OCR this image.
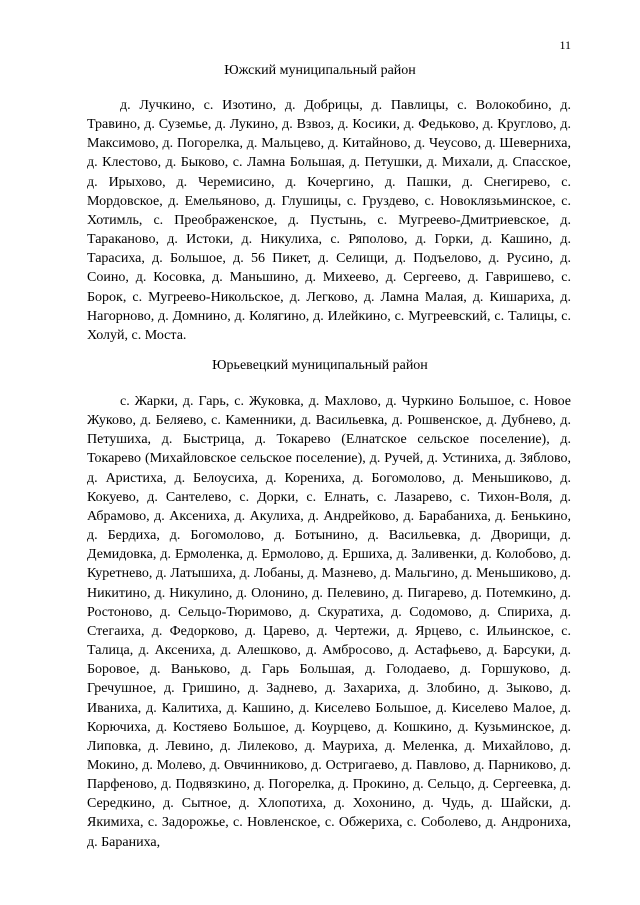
11
Южский муниципальный район

д. Лучкино, с. Изотино, д. Добрицы, д. Павлицы, с. Волокобино, д. Травино, д. Суземье, д. Лукино, д. Взвоз, д. Косики, д. Федьково, д. Круглово, д. Максимово, д. Погорелка, д. Мальцево, д. Китайново, д. Чеусово, д. Шеверниха, д. Клестово, д. Быково, с. Ламна Большая, д. Петушки, д. Михали, д. Спасское, д. Ирыхово, д. Черемисино, д. Кочергино, д. Пашки, д. Снегирево, с. Мордовское, д. Емельяново, д. Глушицы, с. Груздево, с. Новоклязьминское, с. Хотимль, с. Преображенское, д. Пустынь, с. Мугреево-Дмитриевское, д. Тараканово, д. Истоки, д. Никулиха, с. Ряполово, д. Горки, д. Кашино, д. Тарасиха, д. Большое, д. 56 Пикет, д. Селищи, д. Подъелово, д. Русино, д. Соино, д. Косовка, д. Маньшино, д. Михеево, д. Сергеево, д. Гавришево, с. Борок, с. Мугреево-Никольское, д. Легково, д. Ламна Малая, д. Кишариха, д. Нагорново, д. Домнино, д. Колягино, д. Илейкино, с. Мугреевский, с. Талицы, с. Холуй, с. Моста.

Юрьевецкий муниципальный район

с. Жарки, д. Гарь, с. Жуковка, д. Махлово, д. Чуркино Большое, с. Новое Жуково, д. Беляево, с. Каменники, д. Васильевка, д. Рошвенское, д. Дубнево, д. Петушиха, д. Быстрица, д. Токарево (Елнатское сельское поселение), д. Токарево (Михайловское сельское поселение), д. Ручей, д. Устиниха, д. Зяблово, д. Аристиха, д. Белоусиха, д. Корениха, д. Богомолово, д. Меньшиково, д. Кокуево, д. Сантелево, с. Дорки, с. Елнать, с. Лазарево, с. Тихон-Воля, д. Абрамово, д. Аксениха, д. Акулиха, д. Андрейково, д. Барабаниха, д. Бенькино, д. Бердиха, д. Богомолово, д. Ботынино, д. Васильевка, д. Дворищи, д. Демидовка, д. Ермоленка, д. Ермолово, д. Ершиха, д. Заливенки, д. Колобово, д. Куретнево, д. Латышиха, д. Лобаны, д. Мазнево, д. Мальгино, д. Меньшиково, д. Никитино, д. Никулино, д. Олонино, д. Пелевино, д. Пигарево, д. Потемкино, д. Ростоново, д. Сельцо-Тюримово, д. Скуратиха, д. Содомово, д. Спириха, д. Стегаиха, д. Федорково, д. Царево, д. Чертежи, д. Ярцево, с. Ильинское, с. Талица, д. Аксениха, д. Алешково, д. Амбросово, д. Астафьево, д. Барсуки, д. Боровое, д. Ваньково, д. Гарь Большая, д. Голодаево, д. Горшуково, д. Гречушное, д. Гришино, д. Заднево, д. Захариха, д. Злобино, д. Зыково, д. Иваниха, д. Калитиха, д. Кашино, д. Киселево Большое, д. Киселево Малое, д. Корючиха, д. Костяево Большое, д. Коурцево, д. Кошкино, д. Кузьминское, д. Липовка, д. Левино, д. Лилеково, д. Мауриха, д. Меленка, д. Михайлово, д. Мокино, д. Молево, д. Овчинниково, д. Остригаево, д. Павлово, д. Парниково, д. Парфеново, д. Подвязкино, д. Погорелка, д. Прокино, д. Сельцо, д. Сергеевка, д. Середкино, д. Сытное, д. Хлопотиха, д. Хохонино, д. Чудь, д. Шайски, д. Якимиха, с. Задорожье, с. Новленское, с. Обжериха, с. Соболево, д. Андрониха, д. Бараниха,
